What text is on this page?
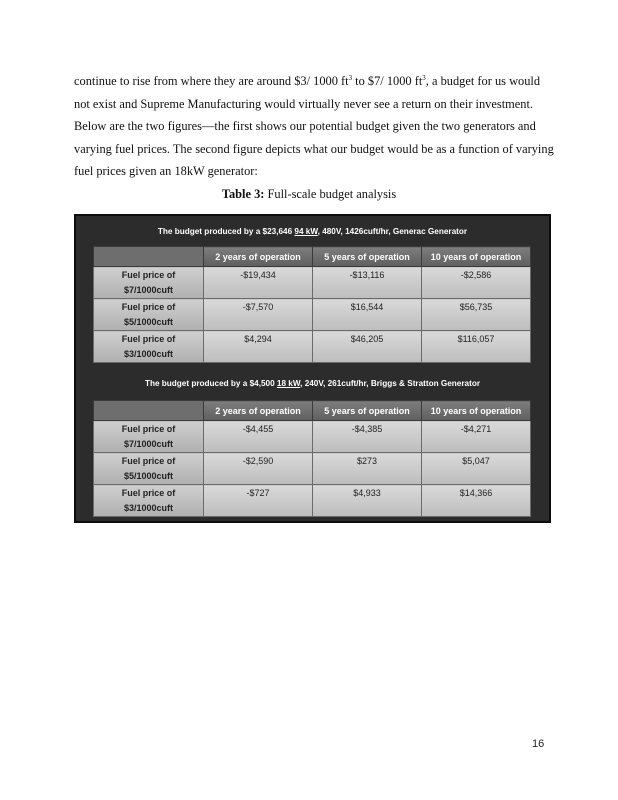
continue to rise from where they are around $3/ 1000 $ft^3$ to $7/ 1000 $ft^3$, a budget for us would

not exist and Supreme Manufacturing would virtually never see a return on their investment.

Below are the two figures—the first shows our potential budget given the two generators and

varying fuel prices. The second figure depicts what our budget would be as a function of varying

fuel prices given an 18kW generator:

Table 3: Full-scale budget analysis
The budget produced by a $23,646 94 kW, 480V, 1426cuft/hr, Generac Generator
	2 years of operation	5 years of operation	10 years of operation
Fuel price of
$7/1000cuft	-$19,434	-$13,116	-$2,586
Fuel price of
$5/1000cuft	-$7,570	$16,544	$56,735
Fuel price of
$3/1000cuft	$4,294	$46,205	$116,057
The budget produced by a $4,500 18 kW, 240V, 261cuft/hr, Briggs & Stratton Generator
	2 years of operation	5 years of operation	10 years of operation
Fuel price of
$7/1000cuft	-$4,455	-$4,385	-$4,271
Fuel price of
$5/1000cuft	-$2,590	$273	$5,047
Fuel price of
$3/1000cuft	-$727	$4,933	$14,366
16
